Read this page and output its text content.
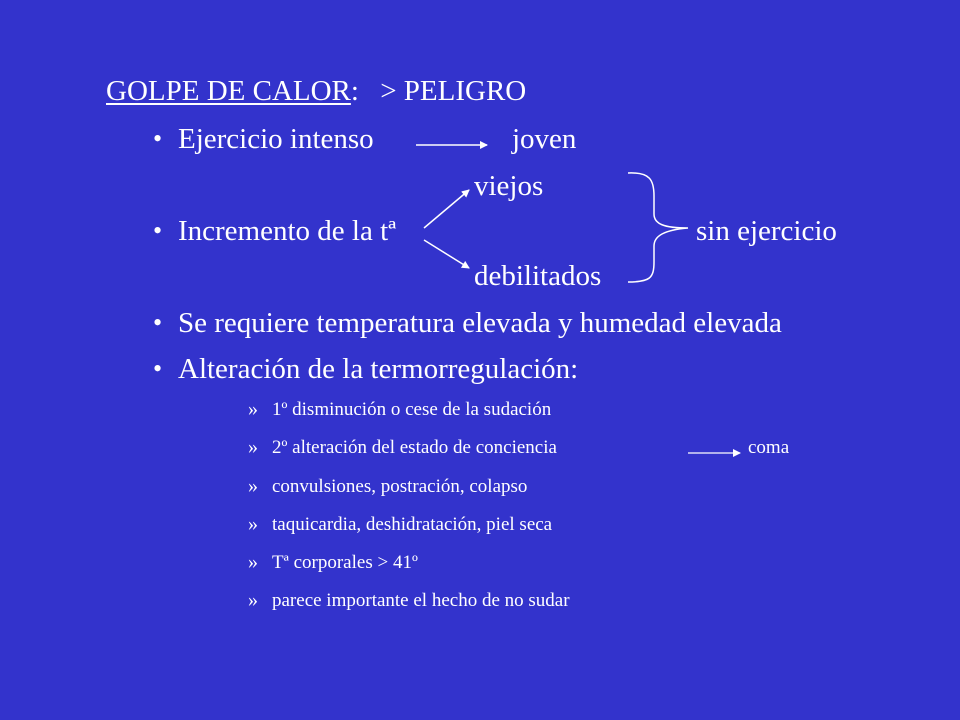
GOLPE DE CALOR: > PELIGRO
• Ejercicio intenso	joven
viejos
• Incremento de la tª	sin ejercicio
debilitados
• Se requiere temperatura elevada y humedad elevada
• Alteración de la termorregulación:
» 1º disminución o cese de la sudación
» 2º alteración del estado de conciencia	coma
» convulsiones, postración, colapso
» taquicardia, deshidratación, piel seca
» Tª corporales > 41º
» parece importante el hecho de no sudar
